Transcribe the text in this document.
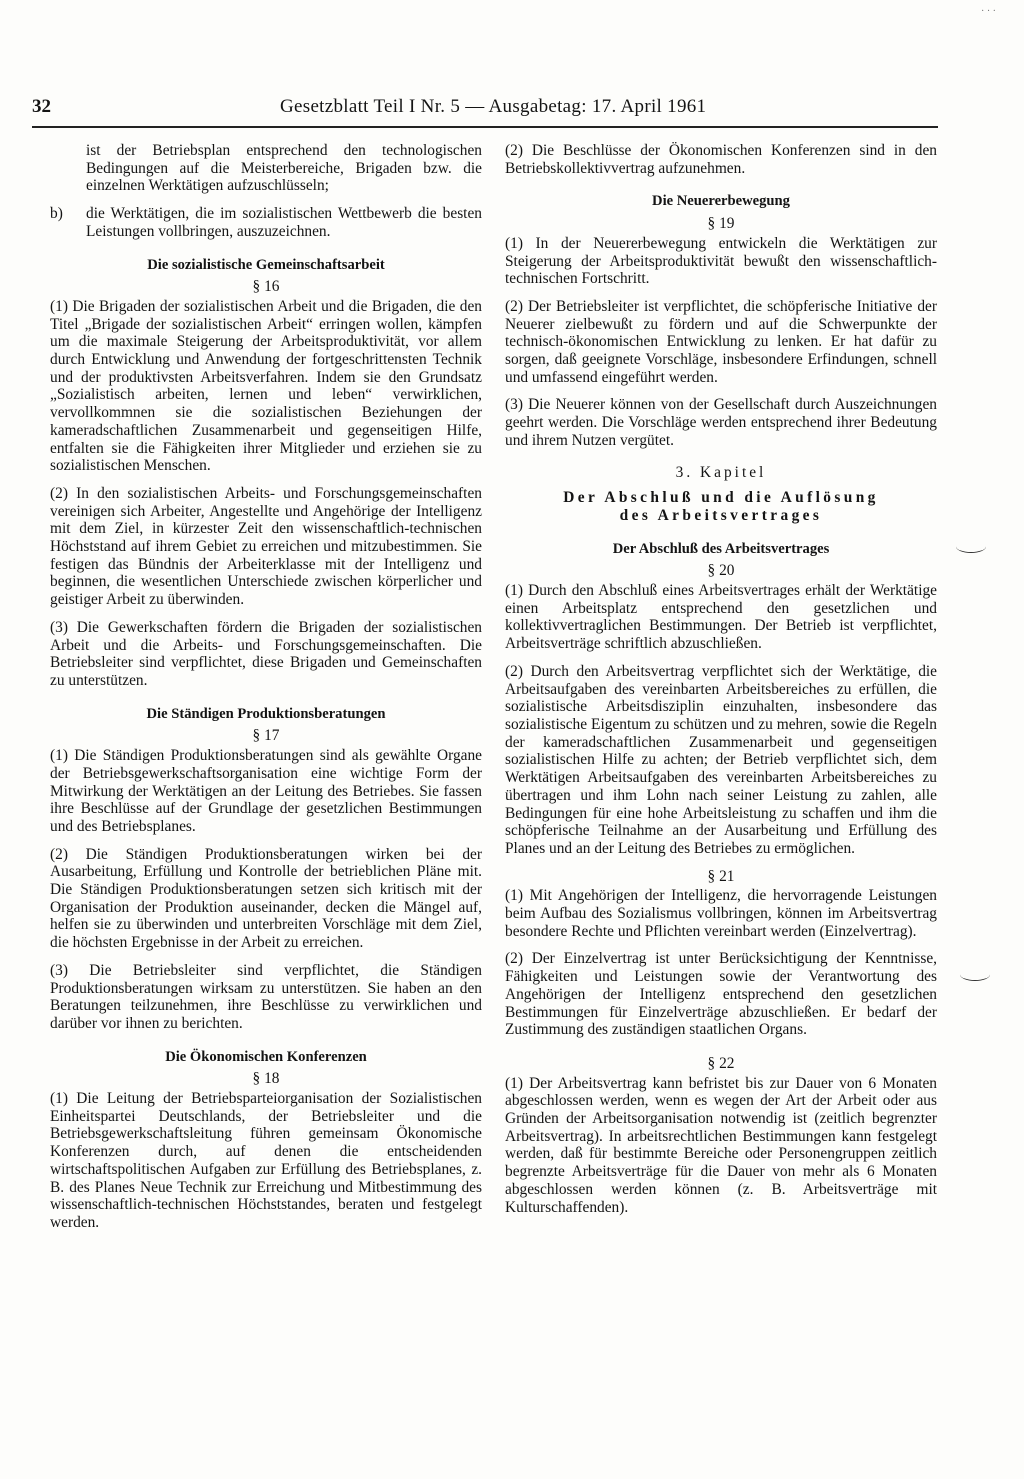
· · ·
32	Gesetzblatt Teil I Nr. 5 — Ausgabetag: 17. April 1961

ist der Betriebsplan entsprechend den technologischen Bedingungen auf die Meisterbereiche, Brigaden bzw. die einzelnen Werktätigen aufzuschlüsseln;

b)	die Werktätigen, die im sozialistischen Wettbewerb die besten Leistungen vollbringen, auszuzeichnen.
Die sozialistische Gemeinschaftsarbeit
§ 16

(1) Die Brigaden der sozialistischen Arbeit und die Brigaden, die den Titel „Brigade der sozialistischen Arbeit“ erringen wollen, kämpfen um die maximale Steigerung der Arbeitsproduktivität, vor allem durch Entwicklung und Anwendung der fortgeschrittensten Technik und der produktivsten Arbeitsverfahren. Indem sie den Grundsatz „Sozialistisch arbeiten, lernen und leben“ verwirklichen, vervollkommnen sie die sozialistischen Beziehungen der kameradschaftlichen Zusammenarbeit und gegenseitigen Hilfe, entfalten sie die Fähigkeiten ihrer Mitglieder und erziehen sie zu sozialistischen Menschen.

(2) In den sozialistischen Arbeits- und Forschungsgemeinschaften vereinigen sich Arbeiter, Angestellte und Angehörige der Intelligenz mit dem Ziel, in kürzester Zeit den wissenschaftlich-technischen Höchststand auf ihrem Gebiet zu erreichen und mitzubestimmen. Sie festigen das Bündnis der Arbeiterklasse mit der Intelligenz und beginnen, die wesentlichen Unterschiede zwischen körperlicher und geistiger Arbeit zu überwinden.

(3) Die Gewerkschaften fördern die Brigaden der sozialistischen Arbeit und die Arbeits- und Forschungsgemeinschaften. Die Betriebsleiter sind verpflichtet, diese Brigaden und Gemeinschaften zu unterstützen.

Die Ständigen Produktionsberatungen
§ 17

(1) Die Ständigen Produktionsberatungen sind als gewählte Organe der Betriebsgewerkschaftsorganisation eine wichtige Form der Mitwirkung der Werktätigen an der Leitung des Betriebes. Sie fassen ihre Beschlüsse auf der Grundlage der gesetzlichen Bestimmungen und des Betriebsplanes.

(2) Die Ständigen Produktionsberatungen wirken bei der Ausarbeitung, Erfüllung und Kontrolle der betrieblichen Pläne mit. Die Ständigen Produktionsberatungen setzen sich kritisch mit der Organisation der Produktion auseinander, decken die Mängel auf, helfen sie zu überwinden und unterbreiten Vorschläge mit dem Ziel, die höchsten Ergebnisse in der Arbeit zu erreichen.

(3) Die Betriebsleiter sind verpflichtet, die Ständigen Produktionsberatungen wirksam zu unterstützen. Sie haben an den Beratungen teilzunehmen, ihre Beschlüsse zu verwirklichen und darüber vor ihnen zu berichten.

Die Ökonomischen Konferenzen
§ 18

(1) Die Leitung der Betriebsparteiorganisation der Sozialistischen Einheitspartei Deutschlands, der Betriebsleiter und die Betriebsgewerkschaftsleitung führen gemeinsam Ökonomische Konferenzen durch, auf denen die entscheidenden wirtschaftspolitischen Aufgaben zur Erfüllung des Betriebsplanes, z. B. des Planes Neue Technik zur Erreichung und Mitbestimmung des wissenschaftlich-technischen Höchststandes, beraten und festgelegt werden.

(2) Die Beschlüsse der Ökonomischen Konferenzen sind in den Betriebskollektivvertrag aufzunehmen.

Die Neuererbewegung
§ 19

(1) In der Neuererbewegung entwickeln die Werktätigen zur Steigerung der Arbeitsproduktivität bewußt den wissenschaftlich-technischen Fortschritt.

(2) Der Betriebsleiter ist verpflichtet, die schöpferische Initiative der Neuerer zielbewußt zu fördern und auf die Schwerpunkte der technisch-ökonomischen Entwicklung zu lenken. Er hat dafür zu sorgen, daß geeignete Vorschläge, insbesondere Erfindungen, schnell und umfassend eingeführt werden.

(3) Die Neuerer können von der Gesellschaft durch Auszeichnungen geehrt werden. Die Vorschläge werden entsprechend ihrer Bedeutung und ihrem Nutzen vergütet.

3. Kapitel
Der Abschluß und die Auflösung
des Arbeitsvertrages
Der Abschluß des Arbeitsvertrages
§ 20

(1) Durch den Abschluß eines Arbeitsvertrages erhält der Werktätige einen Arbeitsplatz entsprechend den gesetzlichen und kollektivvertraglichen Bestimmungen. Der Betrieb ist verpflichtet, Arbeitsverträge schriftlich abzuschließen.

(2) Durch den Arbeitsvertrag verpflichtet sich der Werktätige, die Arbeitsaufgaben des vereinbarten Arbeitsbereiches zu erfüllen, die sozialistische Arbeitsdisziplin einzuhalten, insbesondere das sozialistische Eigentum zu schützen und zu mehren, sowie die Regeln der kameradschaftlichen Zusammenarbeit und gegenseitigen sozialistischen Hilfe zu achten; der Betrieb verpflichtet sich, dem Werktätigen Arbeitsaufgaben des vereinbarten Arbeitsbereiches zu übertragen und ihm Lohn nach seiner Leistung zu zahlen, alle Bedingungen für eine hohe Arbeitsleistung zu schaffen und ihm die schöpferische Teilnahme an der Ausarbeitung und Erfüllung des Planes und an der Leitung des Betriebes zu ermöglichen.

§ 21

(1) Mit Angehörigen der Intelligenz, die hervorragende Leistungen beim Aufbau des Sozialismus vollbringen, können im Arbeitsvertrag besondere Rechte und Pflichten vereinbart werden (Einzelvertrag).

(2) Der Einzelvertrag ist unter Berücksichtigung der Kenntnisse, Fähigkeiten und Leistungen sowie der Verantwortung des Angehörigen der Intelligenz entsprechend den gesetzlichen Bestimmungen für Einzelverträge abzuschließen. Er bedarf der Zustimmung des zuständigen staatlichen Organs.

§ 22

(1) Der Arbeitsvertrag kann befristet bis zur Dauer von 6 Monaten abgeschlossen werden, wenn es wegen der Art der Arbeit oder aus Gründen der Arbeitsorganisation notwendig ist (zeitlich begrenzter Arbeitsvertrag). In arbeitsrechtlichen Bestimmungen kann festgelegt werden, daß für bestimmte Bereiche oder Personengruppen zeitlich begrenzte Arbeitsverträge für die Dauer von mehr als 6 Monaten abgeschlossen werden können (z. B. Arbeitsverträge mit Kulturschaffenden).
